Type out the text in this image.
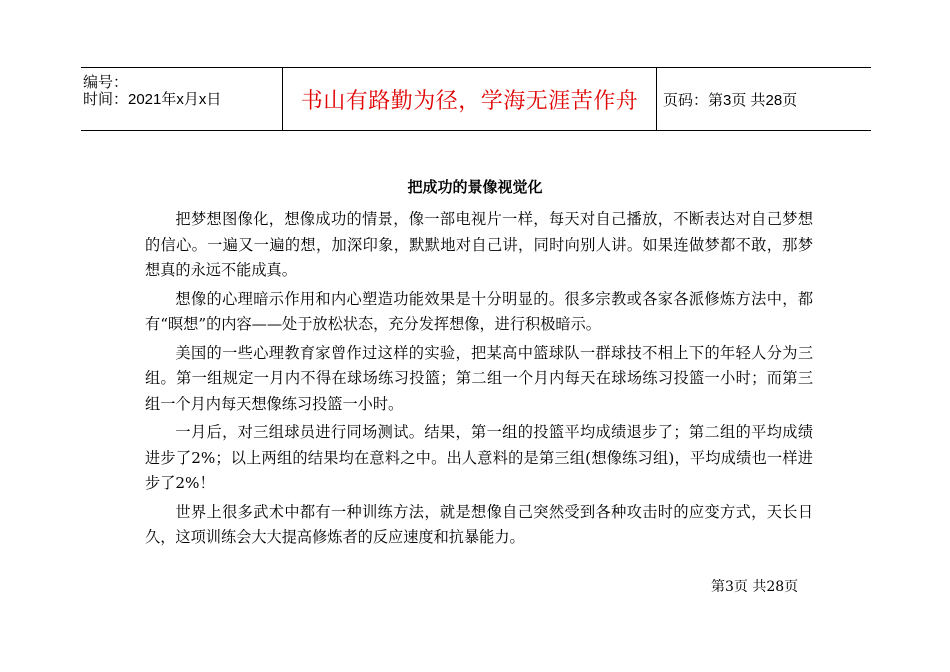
编号：
时间：2021年x月x日	书山有路勤为径，学海无涯苦作舟	页码：第3页 共28页
把成功的景像视觉化

把梦想图像化，想像成功的情景，像一部电视片一样，每天对自己播放，不断表达对自己梦想的信心。一遍又一遍的想，加深印象，默默地对自己讲，同时向别人讲。如果连做梦都不敢，那梦想真的永远不能成真。

想像的心理暗示作用和内心塑造功能效果是十分明显的。很多宗教或各家各派修炼方法中，都有“暝想”的内容——处于放松状态，充分发挥想像，进行积极暗示。

美国的一些心理教育家曾作过这样的实验，把某高中篮球队一群球技不相上下的年轻人分为三组。第一组规定一月内不得在球场练习投篮；第二组一个月内每天在球场练习投篮一小时；而第三组一个月内每天想像练习投篮一小时。

一月后，对三组球员进行同场测试。结果，第一组的投篮平均成绩退步了；第二组的平均成绩进步了2%；以上两组的结果均在意料之中。出人意料的是第三组(想像练习组)，平均成绩也一样进步了2%！

世界上很多武术中都有一种训练方法，就是想像自己突然受到各种攻击时的应变方式，天长日久，这项训练会大大提高修炼者的反应速度和抗暴能力。

第3页 共28页
